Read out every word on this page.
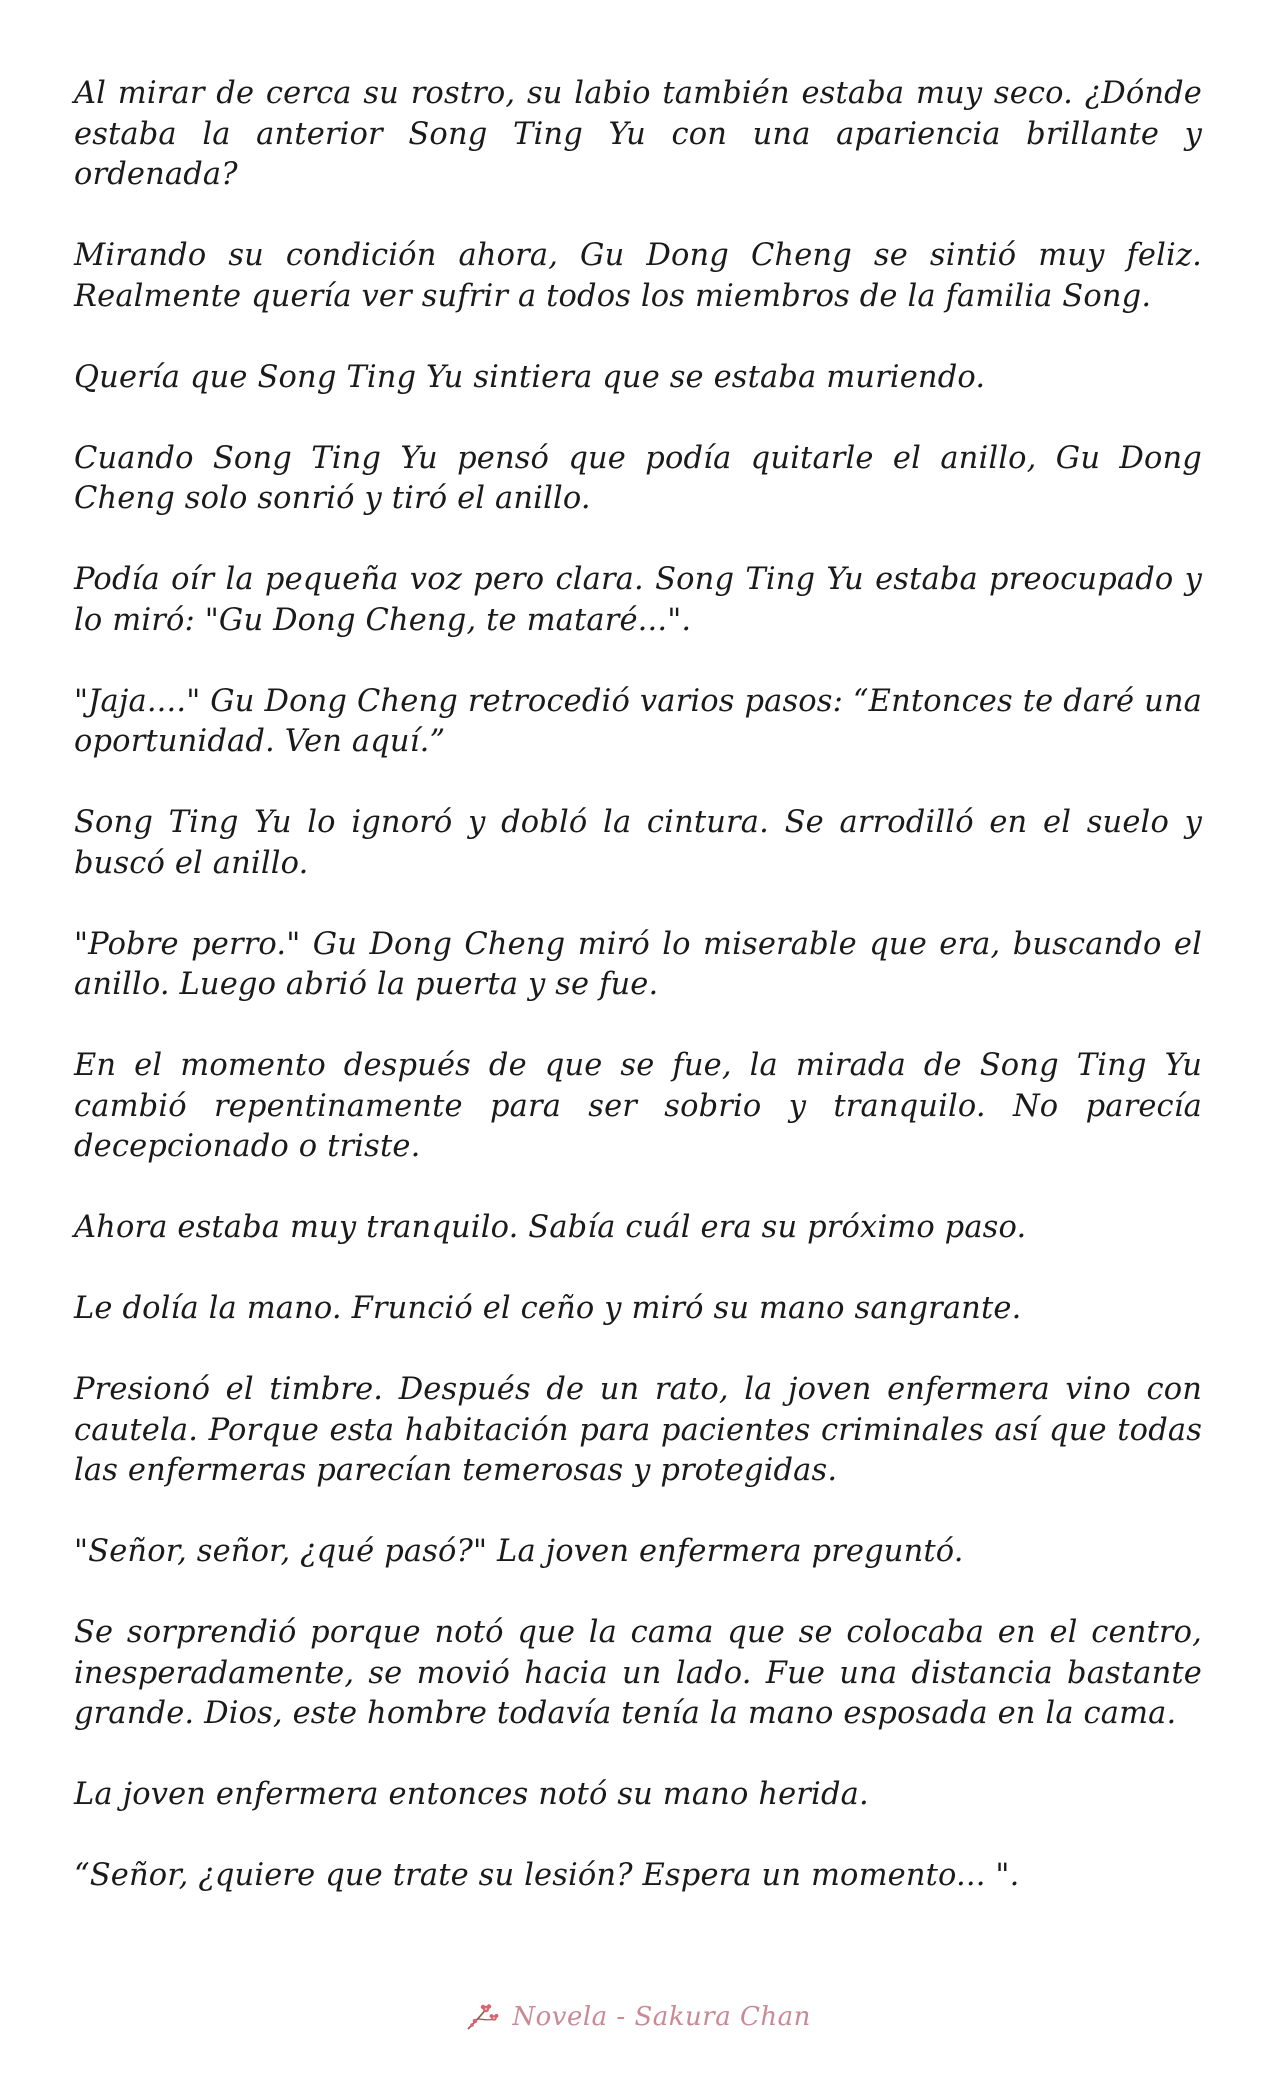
Al mirar de cerca su rostro, su labio también estaba muy seco. ¿Dónde estaba la anterior Song Ting Yu con una apariencia brillante y ordenada?

Mirando su condición ahora, Gu Dong Cheng se sintió muy feliz. Realmente quería ver sufrir a todos los miembros de la familia Song.

Quería que Song Ting Yu sintiera que se estaba muriendo.

Cuando Song Ting Yu pensó que podía quitarle el anillo, Gu Dong Cheng solo sonrió y tiró el anillo.

Podía oír la pequeña voz pero clara. Song Ting Yu estaba preocupado y lo miró: "Gu Dong Cheng, te mataré...".

"Jaja...." Gu Dong Cheng retrocedió varios pasos: “Entonces te daré una oportunidad. Ven aquí.”

Song Ting Yu lo ignoró y dobló la cintura. Se arrodilló en el suelo y buscó el anillo.

"Pobre perro." Gu Dong Cheng miró lo miserable que era, buscando el anillo. Luego abrió la puerta y se fue.

En el momento después de que se fue, la mirada de Song Ting Yu cambió repentinamente para ser sobrio y tranquilo. No parecía decepcionado o triste.

Ahora estaba muy tranquilo. Sabía cuál era su próximo paso.

Le dolía la mano. Frunció el ceño y miró su mano sangrante.

Presionó el timbre. Después de un rato, la joven enfermera vino con cautela. Porque esta habitación para pacientes criminales así que todas las enfermeras parecían temerosas y protegidas.

"Señor, señor, ¿qué pasó?" La joven enfermera preguntó.

Se sorprendió porque notó que la cama que se colocaba en el centro, inesperadamente, se movió hacia un lado. Fue una distancia bastante grande. Dios, este hombre todavía tenía la mano esposada en la cama.

La joven enfermera entonces notó su mano herida.

“Señor, ¿quiere que trate su lesión? Espera un momento... ".

Novela - Sakura Chan
